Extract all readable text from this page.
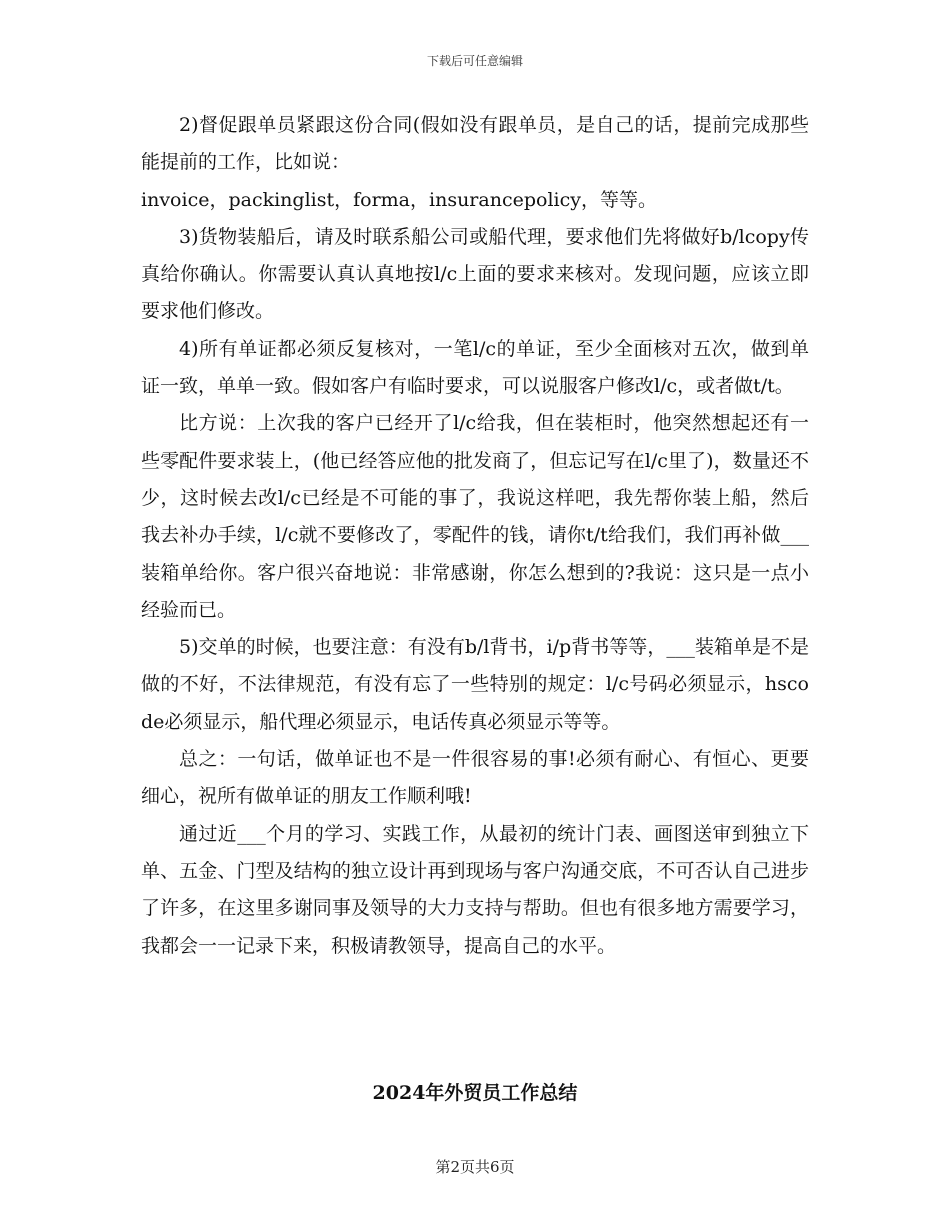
下载后可任意编辑

2)督促跟单员紧跟这份合同(假如没有跟单员，是自己的话，提前完成那些能提前的工作，比如说：

invoice，packinglist，forma，insurancepolicy，等等。

3)货物装船后，请及时联系船公司或船代理，要求他们先将做好b/lcopy传真给你确认。你需要认真认真地按l/c上面的要求来核对。发现问题，应该立即要求他们修改。

4)所有单证都必须反复核对，一笔l/c的单证，至少全面核对五次，做到单证一致，单单一致。假如客户有临时要求，可以说服客户修改l/c，或者做t/t。

比方说：上次我的客户已经开了l/c给我，但在装柜时，他突然想起还有一些零配件要求装上，(他已经答应他的批发商了，但忘记写在l/c里了)，数量还不少，这时候去改l/c已经是不可能的事了，我说这样吧，我先帮你装上船，然后我去补办手续，l/c就不要修改了，零配件的钱，请你t/t给我们，我们再补做___装箱单给你。客户很兴奋地说：非常感谢，你怎么想到的?我说：这只是一点小经验而已。

5)交单的时候，也要注意：有没有b/l背书，i/p背书等等，___装箱单是不是做的不好，不法律规范，有没有忘了一些特别的规定：l/c号码必须显示，hscode必须显示，船代理必须显示，电话传真必须显示等等。

总之：一句话，做单证也不是一件很容易的事!必须有耐心、有恒心、更要细心，祝所有做单证的朋友工作顺利哦!

通过近___个月的学习、实践工作，从最初的统计门表、画图送审到独立下单、五金、门型及结构的独立设计再到现场与客户沟通交底，不可否认自己进步了许多，在这里多谢同事及领导的大力支持与帮助。但也有很多地方需要学习，我都会一一记录下来，积极请教领导，提高自己的水平。

2024年外贸员工作总结
第2页共6页
